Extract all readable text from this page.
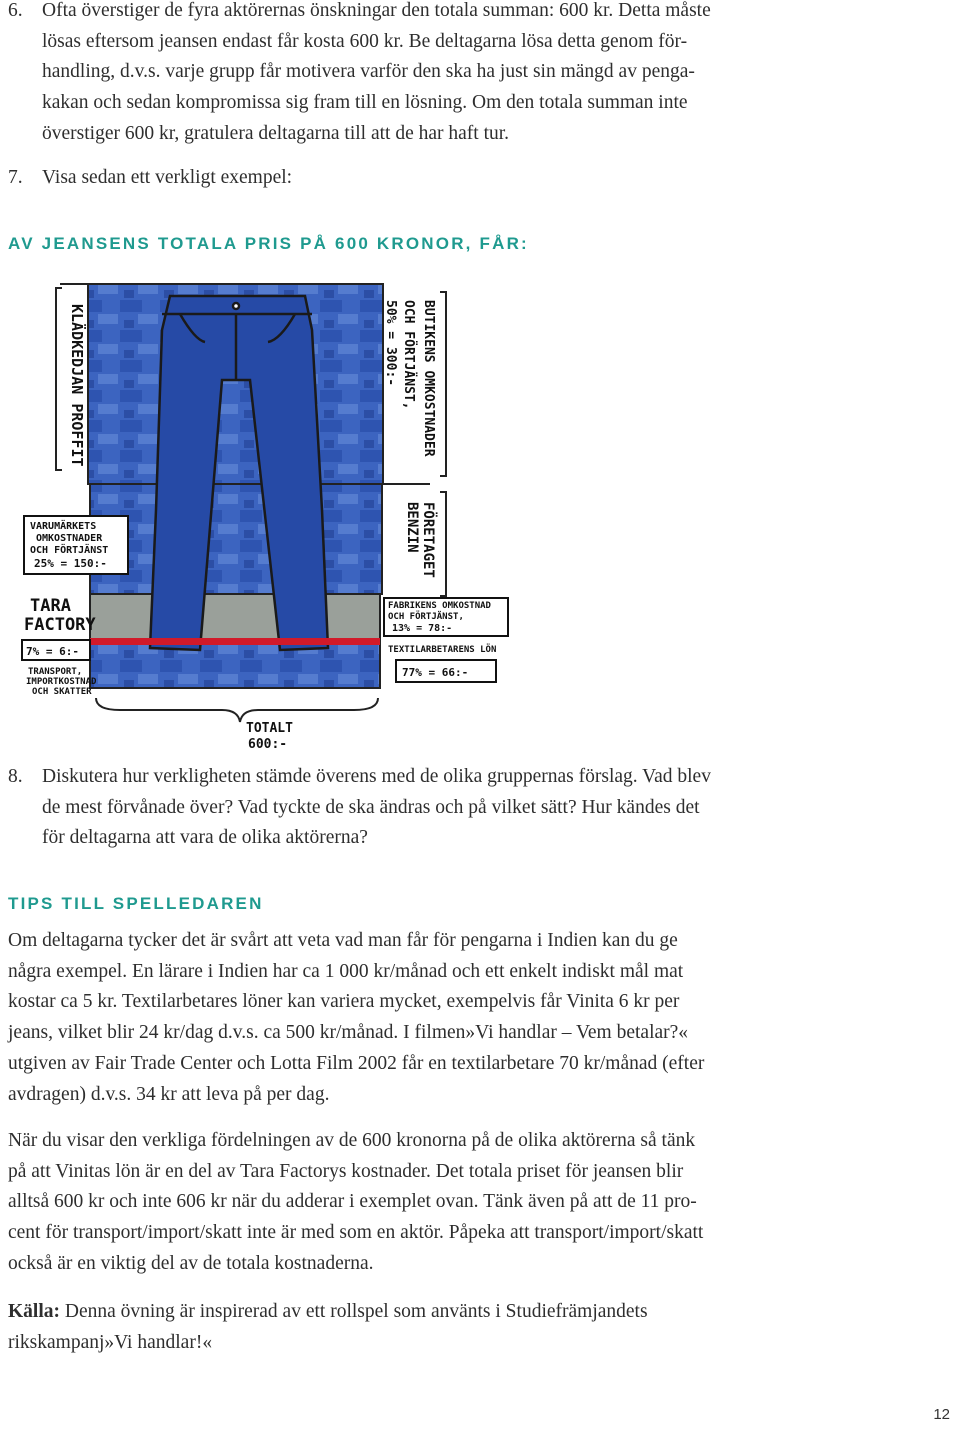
6. Ofta överstiger de fyra aktörernas önskningar den totala summan: 600 kr. Detta måste
lösas eftersom jeansen endast får kosta 600 kr. Be deltagarna lösa detta genom för-
handling, d.v.s. varje grupp får motivera varför den ska ha just sin mängd av penga-
kakan och sedan kompromissa sig fram till en lösning. Om den totala summan inte
överstiger 600 kr, gratulera deltagarna till att de har haft tur.
7. Visa sedan ett verkligt exempel:
AV JEANSENS TOTALA PRIS PÅ 600 KRONOR, FÅR:
KLÄDKEDJAN PROFFIT	BUTIKENS OMKOSTNADER
OCH FÖRTJÄNST,
50% = 300:-
VARUMÄRKETS
OMKOSTNADER
OCH FÖRTJÄNST
25% = 150:-	FÖRETAGET
BENZIN
TARA
FACTORY
FABRIKENS OMKOSTNAD
OCH FÖRTJÄNST,
13% = 78:-
TEXTILARBETARENS LÖN
7% = 6:-
TRANSPORT,
IMPORTKOSTNAD
OCH SKATTER
77% = 66:-
TOTALT
600:-
8. Diskutera hur verkligheten stämde överens med de olika gruppernas förslag. Vad blev
de mest förvånade över? Vad tyckte de ska ändras och på vilket sätt? Hur kändes det
för deltagarna att vara de olika aktörerna?
TIPS TILL SPELLEDAREN
Om deltagarna tycker det är svårt att veta vad man får för pengarna i Indien kan du ge
några exempel. En lärare i Indien har ca 1 000 kr/månad och ett enkelt indiskt mål mat
kostar ca 5 kr. Textilarbetares löner kan variera mycket, exempelvis får Vinita 6 kr per
jeans, vilket blir 24 kr/dag d.v.s. ca 500 kr/månad. I filmen»Vi handlar – Vem betalar?«
utgiven av Fair Trade Center och Lotta Film 2002 får en textilarbetare 70 kr/månad (efter
avdragen) d.v.s. 34 kr att leva på per dag.
När du visar den verkliga fördelningen av de 600 kronorna på de olika aktörerna så tänk
på att Vinitas lön är en del av Tara Factorys kostnader. Det totala priset för jeansen blir
alltså 600 kr och inte 606 kr när du adderar i exemplet ovan. Tänk även på att de 11 pro-
cent för transport/import/skatt inte är med som en aktör. Påpeka att transport/import/skatt
också är en viktig del av de totala kostnaderna.
Källa: Denna övning är inspirerad av ett rollspel som använts i Studiefrämjandets
rikskampanj»Vi handlar!«
12
